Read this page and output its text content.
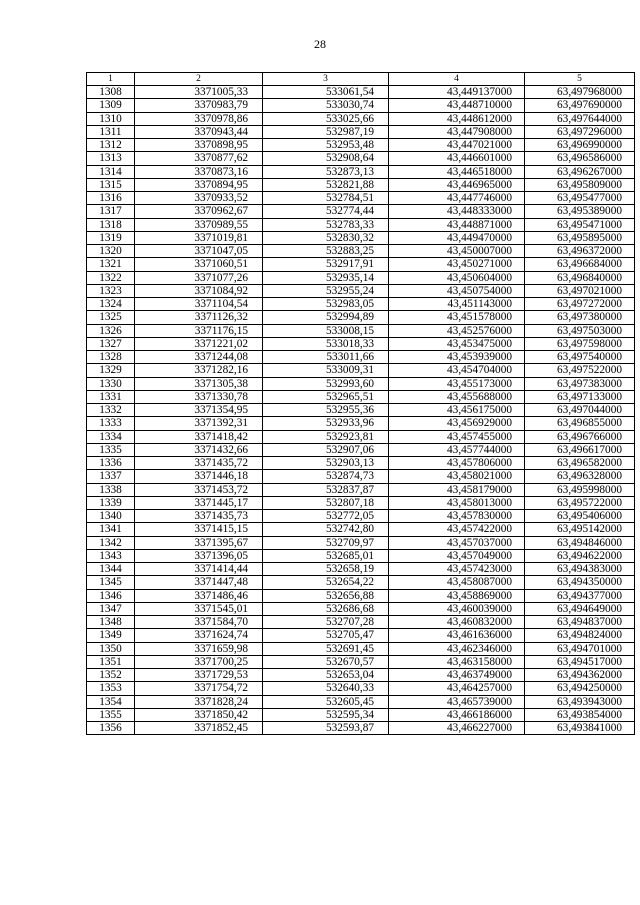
28
1	2	3	4	5
1308	3371005,33	533061,54	43,449137000	63,497968000
1309	3370983,79	533030,74	43,448710000	63,497690000
1310	3370978,86	533025,66	43,448612000	63,497644000
1311	3370943,44	532987,19	43,447908000	63,497296000
1312	3370898,95	532953,48	43,447021000	63,496990000
1313	3370877,62	532908,64	43,446601000	63,496586000
1314	3370873,16	532873,13	43,446518000	63,496267000
1315	3370894,95	532821,88	43,446965000	63,495809000
1316	3370933,52	532784,51	43,447746000	63,495477000
1317	3370962,67	532774,44	43,448333000	63,495389000
1318	3370989,55	532783,33	43,448871000	63,495471000
1319	3371019,81	532830,32	43,449470000	63,495895000
1320	3371047,05	532883,25	43,450007000	63,496372000
1321	3371060,51	532917,91	43,450271000	63,496684000
1322	3371077,26	532935,14	43,450604000	63,496840000
1323	3371084,92	532955,24	43,450754000	63,497021000
1324	3371104,54	532983,05	43,451143000	63,497272000
1325	3371126,32	532994,89	43,451578000	63,497380000
1326	3371176,15	533008,15	43,452576000	63,497503000
1327	3371221,02	533018,33	43,453475000	63,497598000
1328	3371244,08	533011,66	43,453939000	63,497540000
1329	3371282,16	533009,31	43,454704000	63,497522000
1330	3371305,38	532993,60	43,455173000	63,497383000
1331	3371330,78	532965,51	43,455688000	63,497133000
1332	3371354,95	532955,36	43,456175000	63,497044000
1333	3371392,31	532933,96	43,456929000	63,496855000
1334	3371418,42	532923,81	43,457455000	63,496766000
1335	3371432,66	532907,06	43,457744000	63,496617000
1336	3371435,72	532903,13	43,457806000	63,496582000
1337	3371446,18	532874,73	43,458021000	63,496328000
1338	3371453,72	532837,87	43,458179000	63,495998000
1339	3371445,17	532807,18	43,458013000	63,495722000
1340	3371435,73	532772,05	43,457830000	63,495406000
1341	3371415,15	532742,80	43,457422000	63,495142000
1342	3371395,67	532709,97	43,457037000	63,494846000
1343	3371396,05	532685,01	43,457049000	63,494622000
1344	3371414,44	532658,19	43,457423000	63,494383000
1345	3371447,48	532654,22	43,458087000	63,494350000
1346	3371486,46	532656,88	43,458869000	63,494377000
1347	3371545,01	532686,68	43,460039000	63,494649000
1348	3371584,70	532707,28	43,460832000	63,494837000
1349	3371624,74	532705,47	43,461636000	63,494824000
1350	3371659,98	532691,45	43,462346000	63,494701000
1351	3371700,25	532670,57	43,463158000	63,494517000
1352	3371729,53	532653,04	43,463749000	63,494362000
1353	3371754,72	532640,33	43,464257000	63,494250000
1354	3371828,24	532605,45	43,465739000	63,493943000
1355	3371850,42	532595,34	43,466186000	63,493854000
1356	3371852,45	532593,87	43,466227000	63,493841000
